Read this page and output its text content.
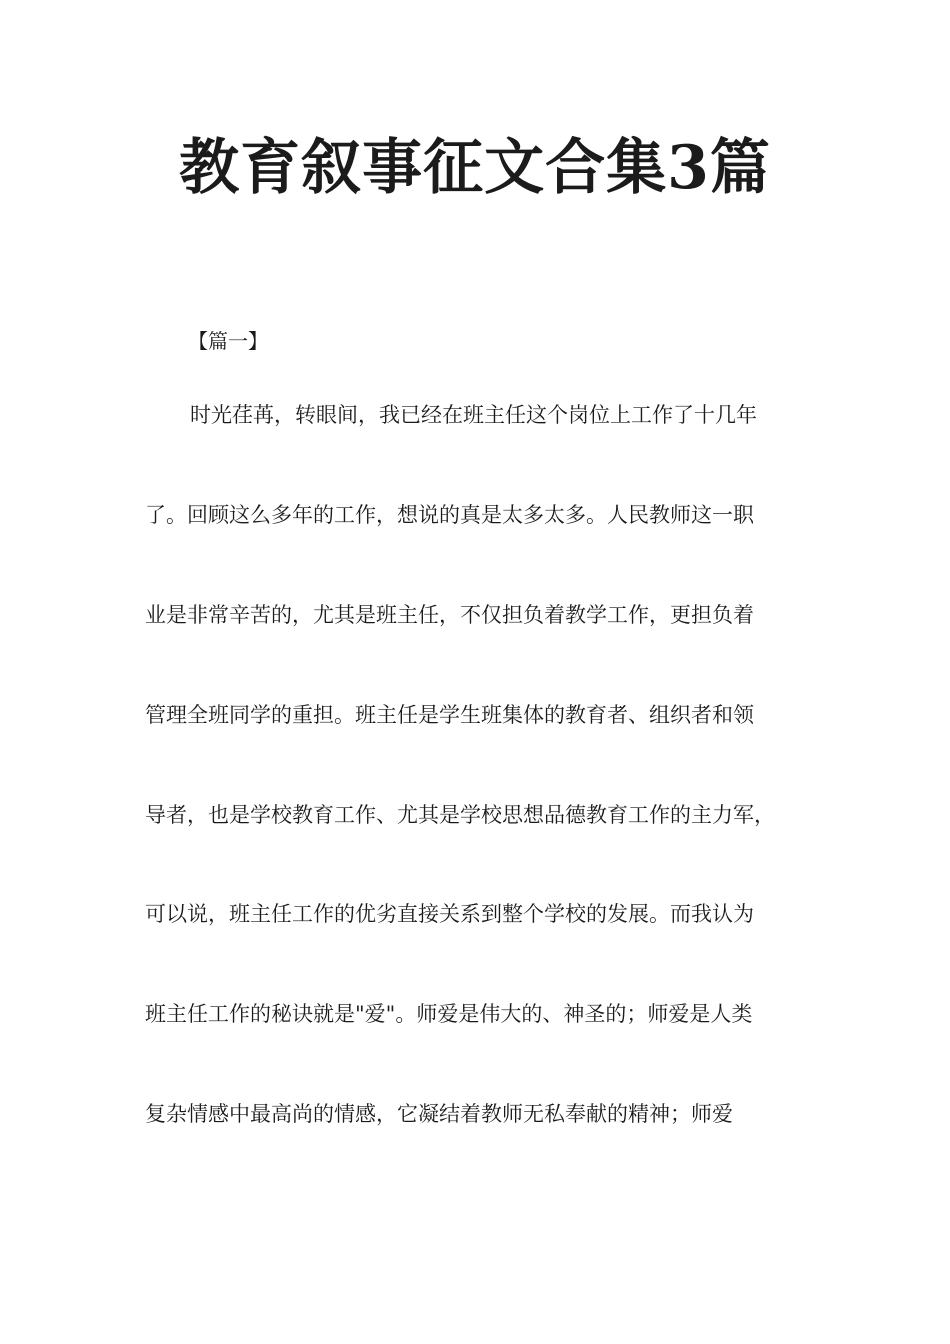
教育叙事征文合集3篇
【篇一】
时光荏苒，转眼间，我已经在班主任这个岗位上工作了十几年
了。回顾这么多年的工作，想说的真是太多太多。人民教师这一职
业是非常辛苦的，尤其是班主任，不仅担负着教学工作，更担负着
管理全班同学的重担。班主任是学生班集体的教育者、组织者和领
导者，也是学校教育工作、尤其是学校思想品德教育工作的主力军，
可以说，班主任工作的优劣直接关系到整个学校的发展。而我认为
班主任工作的秘诀就是"爱"。师爱是伟大的、神圣的；师爱是人类
复杂情感中最高尚的情感，它凝结着教师无私奉献的精神；师爱
